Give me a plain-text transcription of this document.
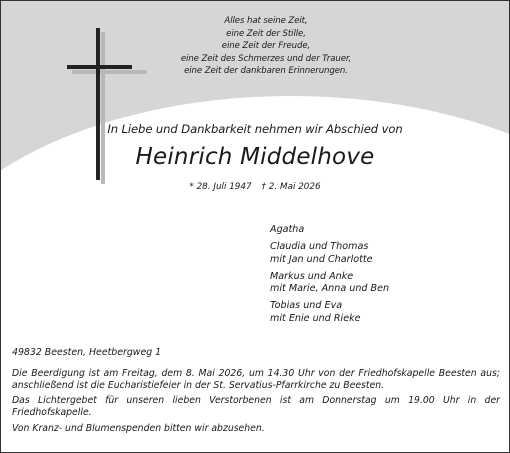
Alles hat seine Zeit,
eine Zeit der Stille,
eine Zeit der Freude,
eine Zeit des Schmerzes und der Trauer,
eine Zeit der dankbaren Erinnerungen.
In Liebe und Dankbarkeit nehmen wir Abschied von
Heinrich Middelhove
* 28. Juli 1947 † 2. Mai 2026
Agatha
Claudia und Thomas
mit Jan und Charlotte
Markus und Anke
mit Marie, Anna und Ben
Tobias und Eva
mit Enie und Rieke
49832 Beesten, Heetbergweg 1

Die Beerdigung ist am Freitag, dem 8. Mai 2026, um 14.30 Uhr von der Friedhofskapelle Beesten aus; anschließend ist die Eucharistiefeier in der St. Servatius-Pfarrkirche zu Beesten.

Das Lichtergebet für unseren lieben Verstorbenen ist am Donnerstag um 19.00 Uhr in der Friedhofskapelle.

Von Kranz- und Blumenspenden bitten wir abzusehen.
